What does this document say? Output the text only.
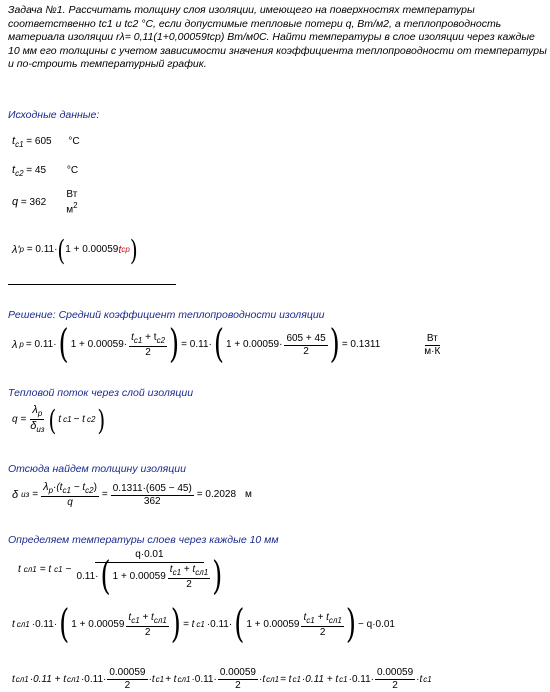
Задача №1. Рассчитать толщину слоя изоляции, имеющего на поверхностях температуры соответственно tc1 и tc2 °С, если допустимые тепловые потери q, Вт/м2, а теплопроводность материала изоляции rλ= 0,11(1+0,00059tср) Вт/м0С. Найти температуры в слое изоляции через каждые 10 мм его толщины с учетом зависимости значения коэффициента теплопроводности от температуры и по-строить температурный график.
Исходные данные:
$t_{c1} = 605$ °C
$t_{c2} = 45$ °C
q
=
362
Вт
$м^2$
λ' p
= 0.11· ( 1 + 0.00059 t cp )
Решение: Средний коэффициент теплопроводности изоляции
λ p = 0.11· ( $1 + 0.00059\cdot \frac{t_{c1} + t_{c2}}{2}$ ) = 0.11· ( $1 + 0.00059\cdot \frac{605 + 45}{2}$ ) = 0.1311	$\frac{Вт}{м\cdot К}$
Тепловой поток через слой изоляции
$q = \frac{\lambda_p}{\delta_{из}}$ ( t c1 − t c2 )
Отсюда найдем толщину изоляции
δ из = $\frac{\lambda_p\cdot(t_{c1} - t_{c2})}{q} = \frac{0.1311\cdot(605 - 45)}{362} = 0.2028$ м
Определяем температуры слоев через каждые 10 мм
t сл1 = t c1 −
q·0.01
0.11· ( $1 + 0.00059 \frac{t_{c1} + t_{сл1}}{2}$ )
t сл1 ·0.11· ( $1 + 0.00059 \frac{t_{c1} + t_{сл1}}{2}$ ) = t c1 ·0.11· ( $1 + 0.00059 \frac{t_{c1} + t_{сл1}}{2}$ ) − q·0.01
t сл1 ·0.11 + t $сл1 \cdot 0.11\cdot \frac{0.00059}{2} \cdot t$ c1 + t $сл1 \cdot 0.11\cdot \frac{0.00059}{2} \cdot t$ сл1 = t c1 ·0.11 + t $c1 \cdot 0.11\cdot \frac{0.00059}{2} \cdot t$ c1
